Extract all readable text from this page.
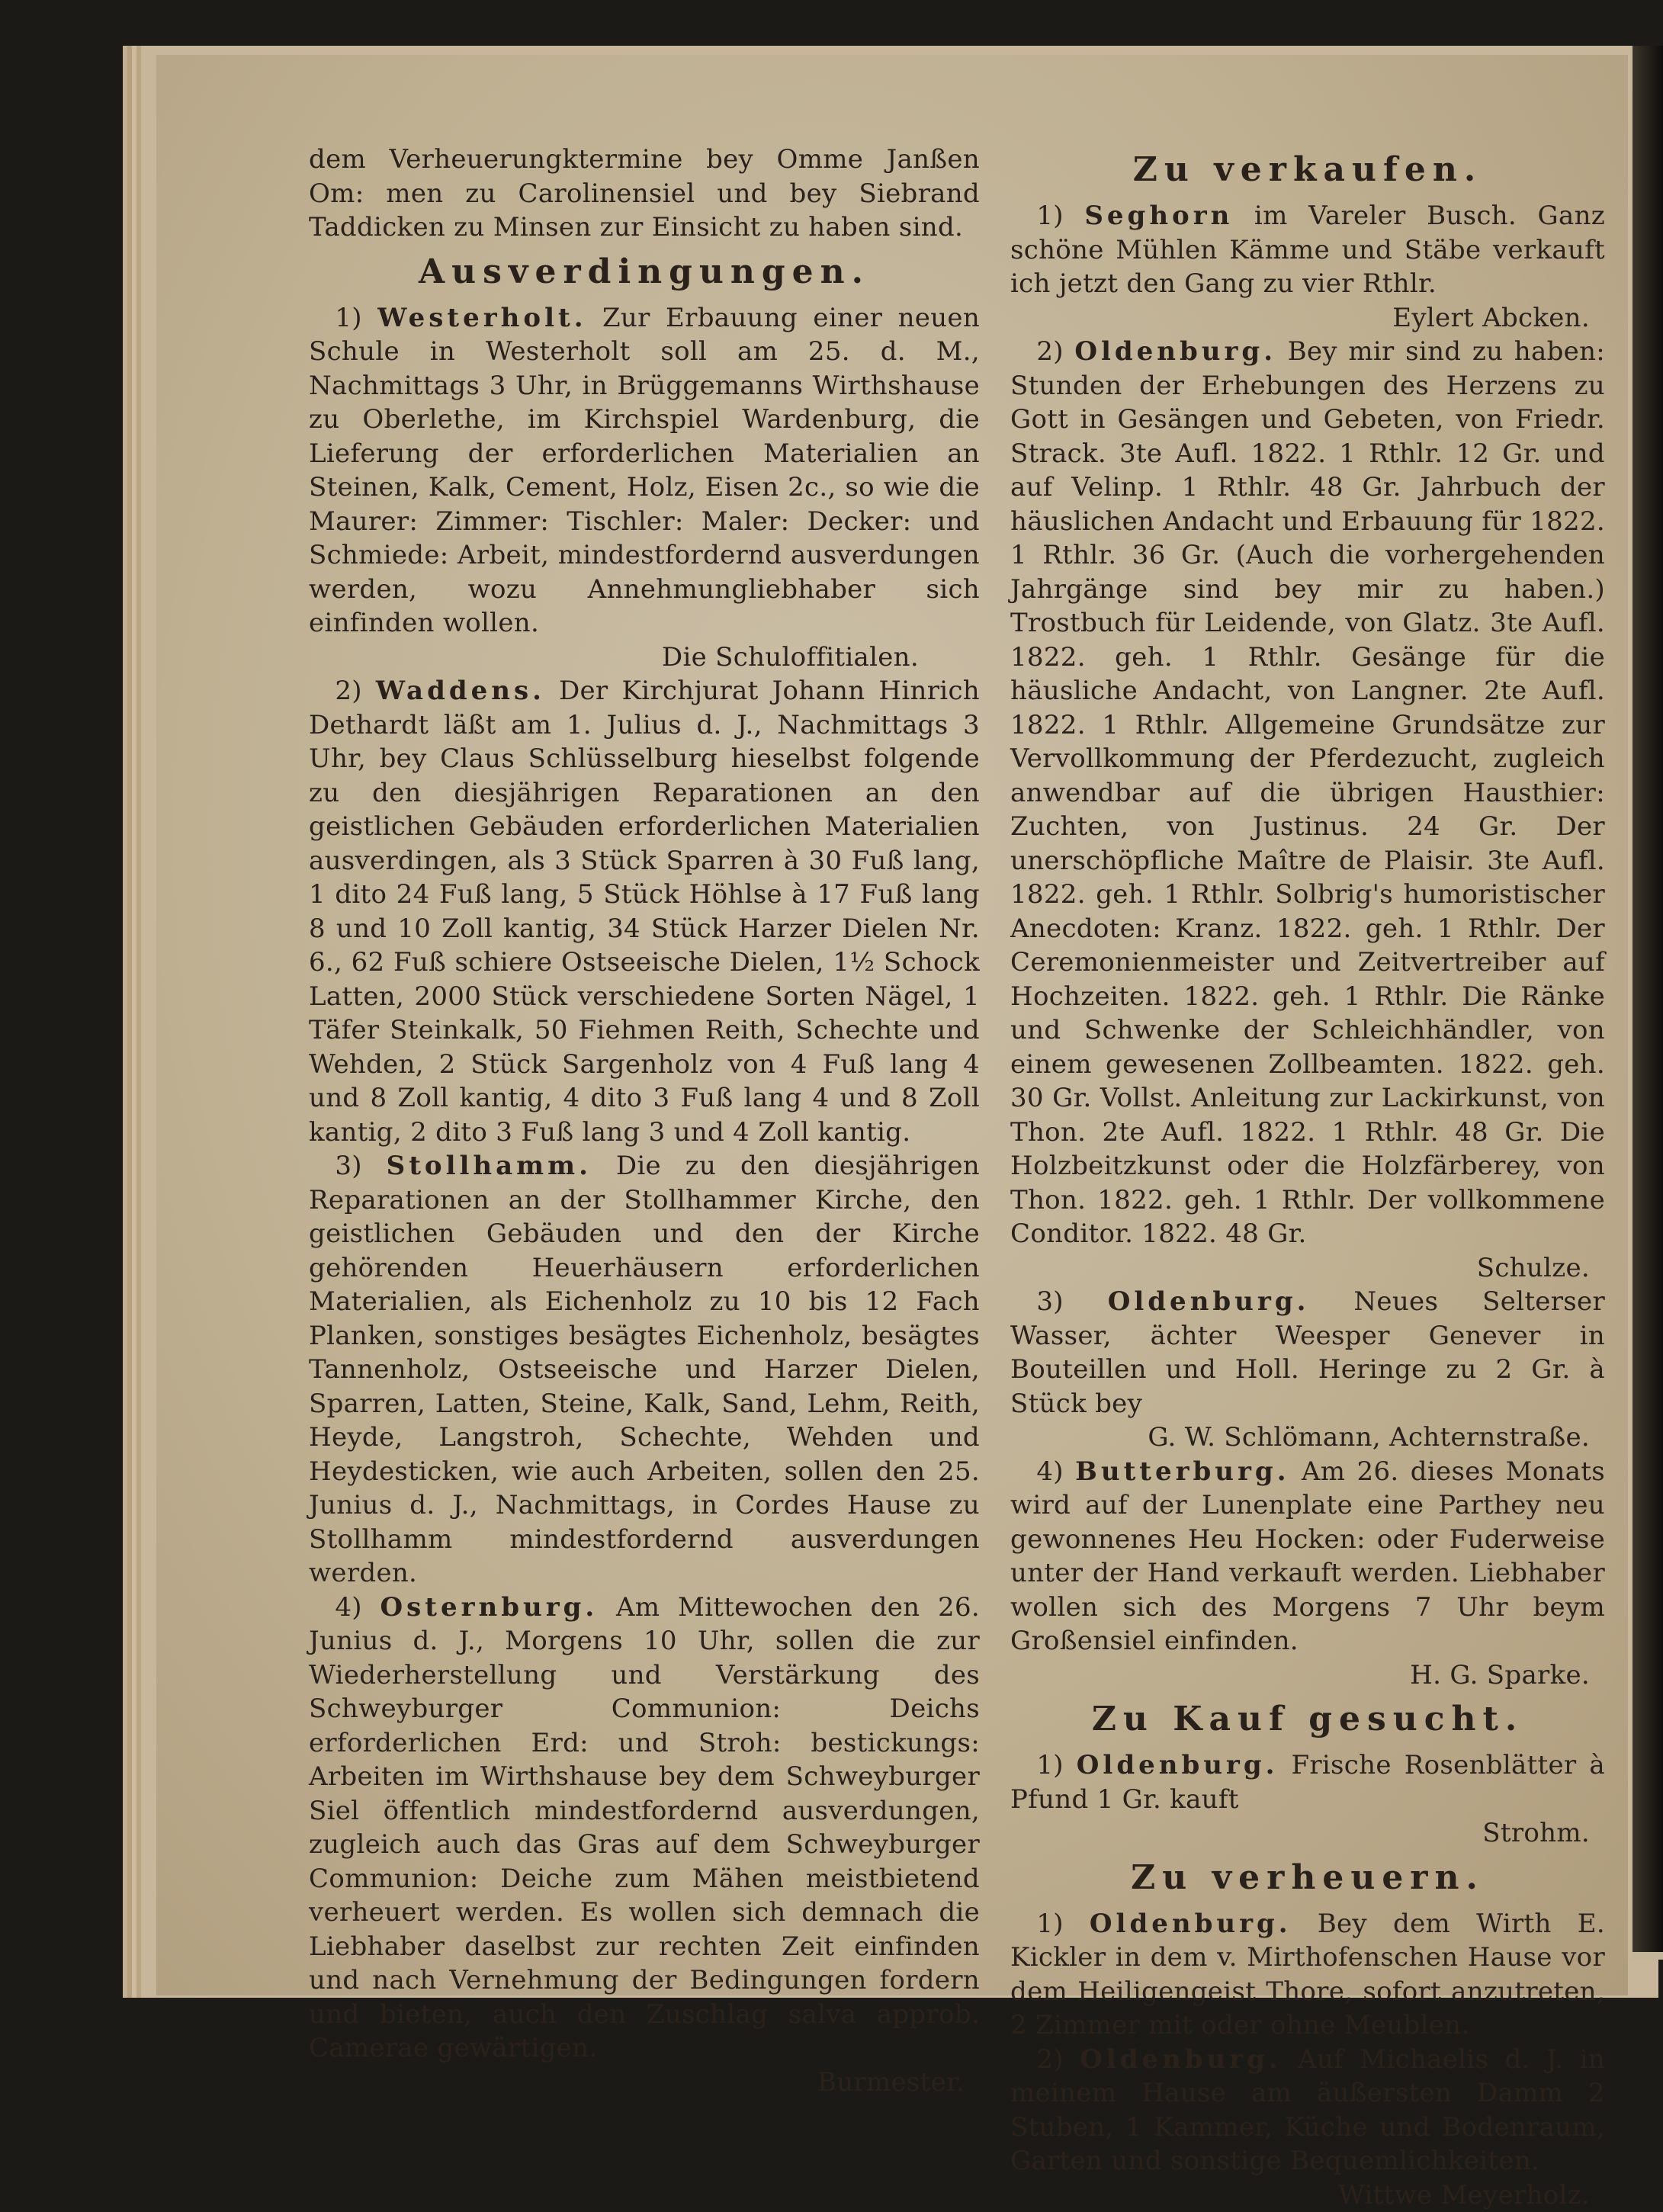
dem Verheuerungktermine bey Omme Janßen Om: men zu Carolinensiel und bey Siebrand Taddicken zu Minsen zur Einsicht zu haben sind.

Ausverdingungen.

 1) Westerholt. Zur Erbauung einer neuen Schule in Westerholt soll am 25. d. M., Nachmittags 3 Uhr, in Brüggemanns Wirthshause zu Oberlethe, im Kirchspiel Wardenburg, die Lieferung der erforderlichen Materialien an Steinen, Kalk, Cement, Holz, Eisen 2c., so wie die Maurer: Zimmer: Tischler: Maler: Decker: und Schmiede: Arbeit, mindestfordernd ausverdungen werden, wozu Annehmungliebhaber sich einfinden wollen.

Die Schuloffitialen.

 2) Waddens. Der Kirchjurat Johann Hinrich Dethardt läßt am 1. Julius d. J., Nachmittags 3 Uhr, bey Claus Schlüsselburg hieselbst folgende zu den diesjährigen Reparationen an den geistlichen Gebäuden erforderlichen Materialien ausverdingen, als 3 Stück Sparren à 30 Fuß lang, 1 dito 24 Fuß lang, 5 Stück Höhlse à 17 Fuß lang 8 und 10 Zoll kantig, 34 Stück Harzer Dielen Nr. 6., 62 Fuß schiere Ostseeische Dielen, 1½ Schock Latten, 2000 Stück verschiedene Sorten Nägel, 1 Täfer Steinkalk, 50 Fiehmen Reith, Schechte und Wehden, 2 Stück Sargenholz von 4 Fuß lang 4 und 8 Zoll kantig, 4 dito 3 Fuß lang 4 und 8 Zoll kantig, 2 dito 3 Fuß lang 3 und 4 Zoll kantig.

 3) Stollhamm. Die zu den diesjährigen Reparationen an der Stollhammer Kirche, den geistlichen Gebäuden und den der Kirche gehörenden Heuerhäusern erforderlichen Materialien, als Eichenholz zu 10 bis 12 Fach Planken, sonstiges besägtes Eichenholz, besägtes Tannenholz, Ostseeische und Harzer Dielen, Sparren, Latten, Steine, Kalk, Sand, Lehm, Reith, Heyde, Langstroh, Schechte, Wehden und Heydesticken, wie auch Arbeiten, sollen den 25. Junius d. J., Nachmittags, in Cordes Hause zu Stollhamm mindestfordernd ausverdungen werden.

 4) Osternburg. Am Mittewochen den 26. Junius d. J., Morgens 10 Uhr, sollen die zur Wiederherstellung und Verstärkung des Schweyburger Communion: Deichs erforderlichen Erd: und Stroh: bestickungs: Arbeiten im Wirthshause bey dem Schweyburger Siel öffentlich mindestfordernd ausverdungen, zugleich auch das Gras auf dem Schweyburger Communion: Deiche zum Mähen meistbietend verheuert werden. Es wollen sich demnach die Liebhaber daselbst zur rechten Zeit einfinden und nach Vernehmung der Bedingungen fordern und bieten, auch den Zuschlag salva approb. Camerae gewärtigen.

Burmester.
Zu verkaufen.

 1) Seghorn im Vareler Busch. Ganz schöne Mühlen Kämme und Stäbe verkauft ich jetzt den Gang zu vier Rthlr.

Eylert Abcken.

 2) Oldenburg. Bey mir sind zu haben: Stunden der Erhebungen des Herzens zu Gott in Gesängen und Gebeten, von Friedr. Strack. 3te Aufl. 1822. 1 Rthlr. 12 Gr. und auf Velinp. 1 Rthlr. 48 Gr. Jahrbuch der häuslichen Andacht und Erbauung für 1822. 1 Rthlr. 36 Gr. (Auch die vorhergehenden Jahrgänge sind bey mir zu haben.) Trostbuch für Leidende, von Glatz. 3te Aufl. 1822. geh. 1 Rthlr. Gesänge für die häusliche Andacht, von Langner. 2te Aufl. 1822. 1 Rthlr. Allgemeine Grundsätze zur Vervollkommung der Pferdezucht, zugleich anwendbar auf die übrigen Hausthier: Zuchten, von Justinus. 24 Gr. Der unerschöpfliche Maître de Plaisir. 3te Aufl. 1822. geh. 1 Rthlr. Solbrig's humoristischer Anecdoten: Kranz. 1822. geh. 1 Rthlr. Der Ceremonienmeister und Zeitvertreiber auf Hochzeiten. 1822. geh. 1 Rthlr. Die Ränke und Schwenke der Schleichhändler, von einem gewesenen Zollbeamten. 1822. geh. 30 Gr. Vollst. Anleitung zur Lackirkunst, von Thon. 2te Aufl. 1822. 1 Rthlr. 48 Gr. Die Holzbeitzkunst oder die Holzfärberey, von Thon. 1822. geh. 1 Rthlr. Der vollkommene Conditor. 1822. 48 Gr.

Schulze.

 3) Oldenburg. Neues Selterser Wasser, ächter Weesper Genever in Bouteillen und Holl. Heringe zu 2 Gr. à Stück bey

G. W. Schlömann, Achternstraße.

 4) Butterburg. Am 26. dieses Monats wird auf der Lunenplate eine Parthey neu gewonnenes Heu Hocken: oder Fuderweise unter der Hand verkauft werden. Liebhaber wollen sich des Morgens 7 Uhr beym Großensiel einfinden.

H. G. Sparke.
Zu Kauf gesucht.

 1) Oldenburg. Frische Rosenblätter à Pfund 1 Gr. kauft

Strohm.
Zu verheuern.

 1) Oldenburg. Bey dem Wirth E. Kickler in dem v. Mirthofenschen Hause vor dem Heiligengeist Thore, sofort anzutreten, 2 Zimmer mit oder ohne Meublen.

 2) Oldenburg. Auf Michaelis d. J. in meinem Hause am äußersten Damm 2 Stuben, 1 Kammer, Küche und Bodenraum, Garten und sonstige Bequemlichkeiten.

Wittwe Meyerholz.
